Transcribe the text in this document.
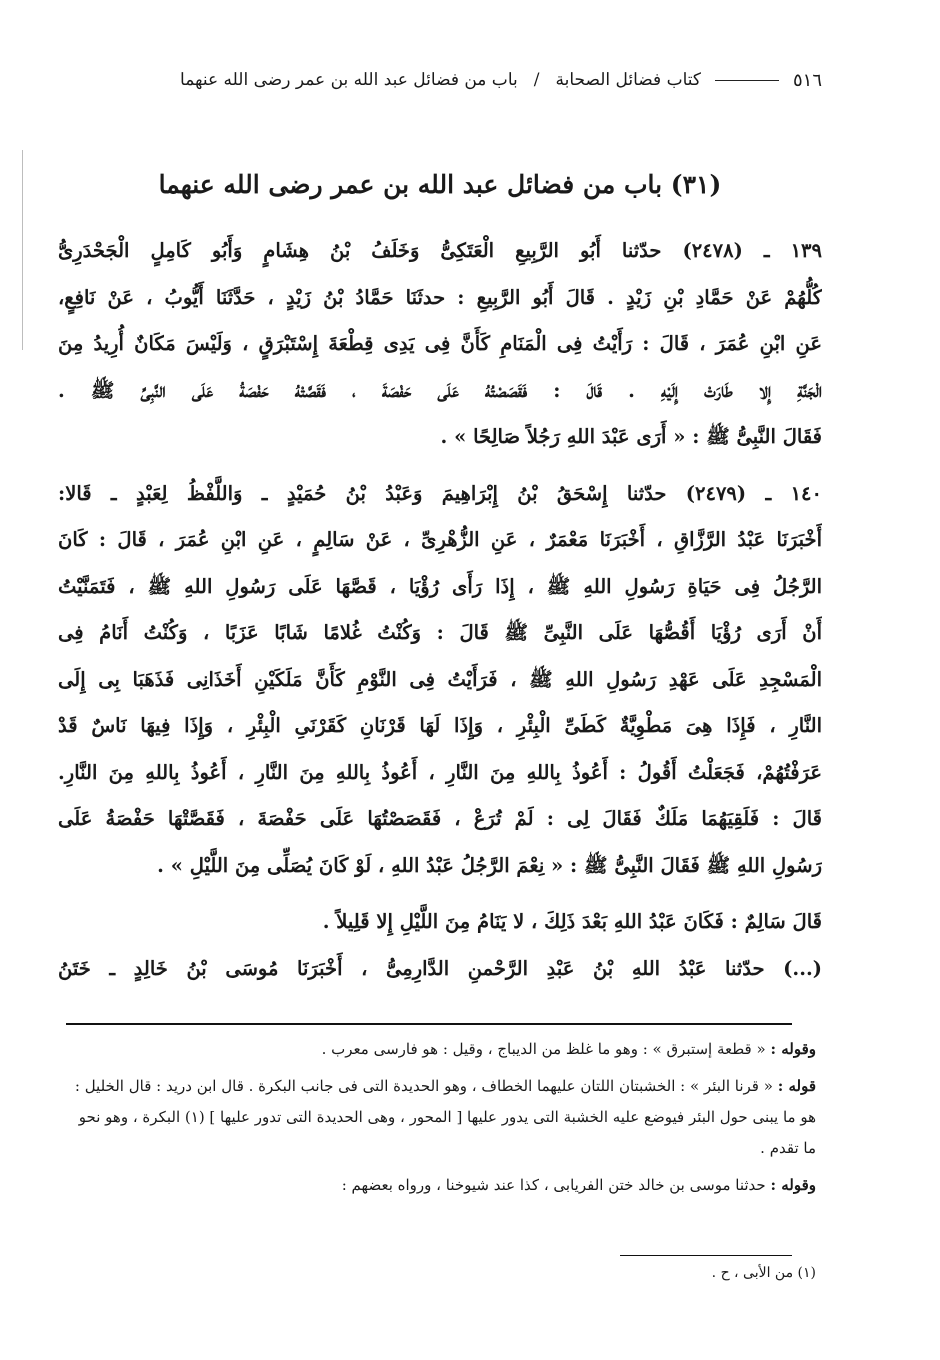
٥١٦
كتاب فضائل الصحابة
/
باب من فضائل عبد الله بن عمر رضى الله عنهما
(٣١) باب من فضائل عبد الله بن عمر رضى الله عنهما

١٣٩ ـ (٢٤٧٨) حدّثنا أَبُو الرَّبِيعِ الْعَتَكِىُّ وَخَلَفُ بْنُ هِشَامٍ وَأَبُو كَامِلٍ الْجَحْدَرِىُّ
كُلُّهُمْ عَنْ حَمَّادِ بْنِ زَيْدٍ . قَالَ أَبُو الرَّبِيعِ : حدثَنَا حَمَّادُ بْنُ زَيْدٍ ، حَدَّثَنَا أَيُّوبُ ، عَنْ نَافِعٍ،
عَنِ ابْنِ عُمَرَ ، قَالَ : رَأَيْتُ فِى الْمَنَامِ كَأَنَّ فِى يَدِى قِطْعَةَ إِسْتَبْرَقٍ ، وَلَيْسَ مَكَانٌ أُرِيدُ مِنَ
الْجَنَّةِ إِلا طَارَتْ إِلَيْهِ . قَالَ : فَقَصَصْتُهُ عَلَى حَفْصَةَ ، فَقَصَّتْهُ حَفْصَةُ عَلَى النَّبِىِّ ﷺ .
فَقَالَ النَّبِىُّ ﷺ : « أَرَى عَبْدَ اللهِ رَجُلاً صَالِحًا » .

١٤٠ ـ (٢٤٧٩) حدّثنا إِسْحَقُ بْنُ إِبْرَاهِيمَ وَعَبْدُ بْنُ حُمَيْدٍ ـ وَاللَّفْظُ لِعَبْدٍ ـ قَالا:
أَخْبَرَنَا عَبْدُ الرَّزَّاقِ ، أَخْبَرَنَا مَعْمَرٌ ، عَنِ الزُّهْرِىِّ ، عَنْ سَالِمٍ ، عَنِ ابْنِ عُمَرَ ، قَالَ : كَانَ
الرَّجُلُ فِى حَيَاةِ رَسُولِ اللهِ ﷺ ، إِذَا رَأَى رُؤْيَا ، قَصَّهَا عَلَى رَسُولِ اللهِ ﷺ ، فَتَمَنَّيْتُ
أَنْ أَرَى رُؤْيَا أَقُصُّهَا عَلَى النَّبِىِّ ﷺ قَالَ : وَكُنْتُ غُلامًا شَابًا عَزَبًا ، وَكُنْتُ أَنَامُ فِى
الْمَسْجِدِ عَلَى عَهْدِ رَسُولِ اللهِ ﷺ ، فَرَأَيْتُ فِى النَّوْمِ كَأَنَّ مَلَكَيْنِ أَخَذَانِى فَذَهَبَا بِى إِلَى
النَّارِ ، فَإِذَا هِىَ مَطْوِيَّةٌ كَطَىِّ الْبِئْرِ ، وَإِذَا لَهَا قَرْنَانِ كَقَرْنَىِ الْبِئْرِ ، وَإِذَا فِيهَا نَاسٌ قَدْ
عَرَفْتُهُمْ، فَجَعَلْتُ أَقُولُ : أَعُوذُ بِاللهِ مِنَ النَّارِ ، أَعُوذُ بِاللهِ مِنَ النَّارِ ، أَعُوذُ بِاللهِ مِنَ النَّارِ.
قَالَ : فَلَقِيَهُمَا مَلَكٌ فَقَالَ لِى : لَمْ تُرَعْ ، فَقَصَصْتُهَا عَلَى حَفْصَةَ ، فَقَصَّتْهَا حَفْصَةُ عَلَى
رَسُولِ اللهِ ﷺ فَقَالَ النَّبِىُّ ﷺ : « نِعْمَ الرَّجُلُ عَبْدُ اللهِ ، لَوْ كَانَ يُصَلِّى مِنَ اللَّيْلِ » .

قَالَ سَالِمٌ : فَكَانَ عَبْدُ اللهِ بَعْدَ ذَلِكَ ، لا يَنَامُ مِنَ اللَّيْلِ إِلا قَلِيلاً .

(...) حدّثنا عَبْدُ اللهِ بْنُ عَبْدِ الرَّحْمنِ الدَّارِمِىُّ ، أَخْبَرَنَا مُوسَى بْنُ خَالِدٍ ـ خَتَنُ

وقوله : « قطعة إستبرق » : وهو ما غلظ من الديباج ، وقيل : هو فارسى معرب .

قوله : « قرنا البئر » : الخشبتان اللتان عليهما الخطاف ، وهو الحديدة التى فى جانب البكرة . قال ابن دريد : قال الخليل : هو ما يبنى حول البئر فيوضع عليه الخشبة التى يدور عليها [ المحور ، وهى الحديدة التى تدور عليها ] (١) البكرة ، وهو نحو ما تقدم .

وقوله : حدثنا موسى بن خالد ختن الفريابى ، كذا عند شيوخنا ، ورواه بعضهم :

(١) من الأبى ، ح .
